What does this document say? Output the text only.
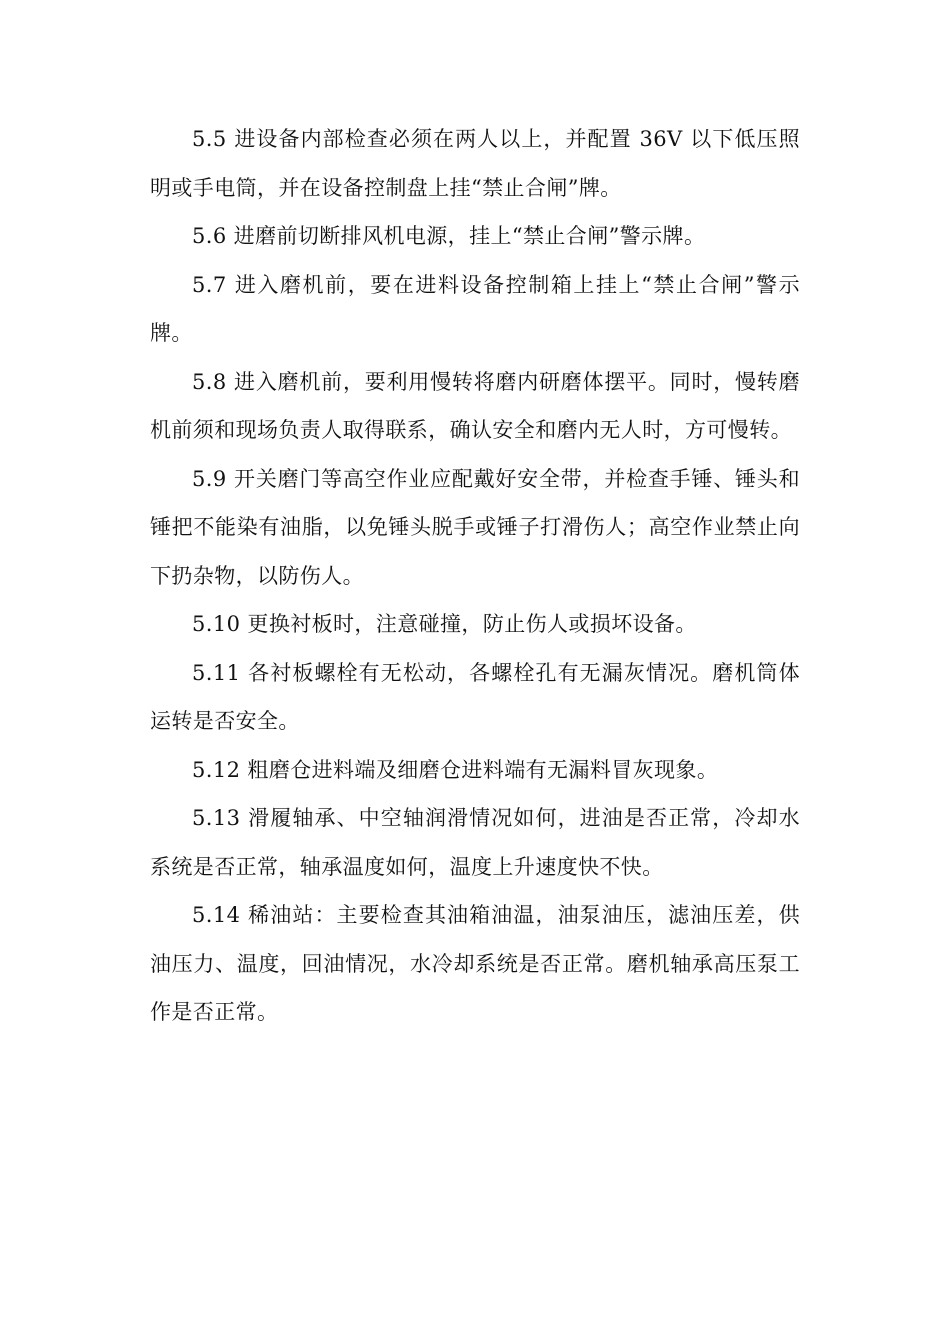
5.5 进设备内部检查必须在两人以上，并配置 36V 以下低压照明或手电筒，并在设备控制盘上挂“禁止合闸”牌。

5.6 进磨前切断排风机电源，挂上“禁止合闸”警示牌。

5.7 进入磨机前，要在进料设备控制箱上挂上“禁止合闸”警示牌。

5.8 进入磨机前，要利用慢转将磨内研磨体摆平。同时，慢转磨机前须和现场负责人取得联系，确认安全和磨内无人时，方可慢转。

5.9 开关磨门等高空作业应配戴好安全带，并检查手锤、锤头和锤把不能染有油脂，以免锤头脱手或锤子打滑伤人；高空作业禁止向下扔杂物，以防伤人。

5.10 更换衬板时，注意碰撞，防止伤人或损坏设备。

5.11 各衬板螺栓有无松动，各螺栓孔有无漏灰情况。磨机筒体运转是否安全。

5.12 粗磨仓进料端及细磨仓进料端有无漏料冒灰现象。

5.13 滑履轴承、中空轴润滑情况如何，进油是否正常，冷却水系统是否正常，轴承温度如何，温度上升速度快不快。

5.14 稀油站：主要检查其油箱油温，油泵油压，滤油压差，供油压力、温度，回油情况，水冷却系统是否正常。磨机轴承高压泵工作是否正常。
